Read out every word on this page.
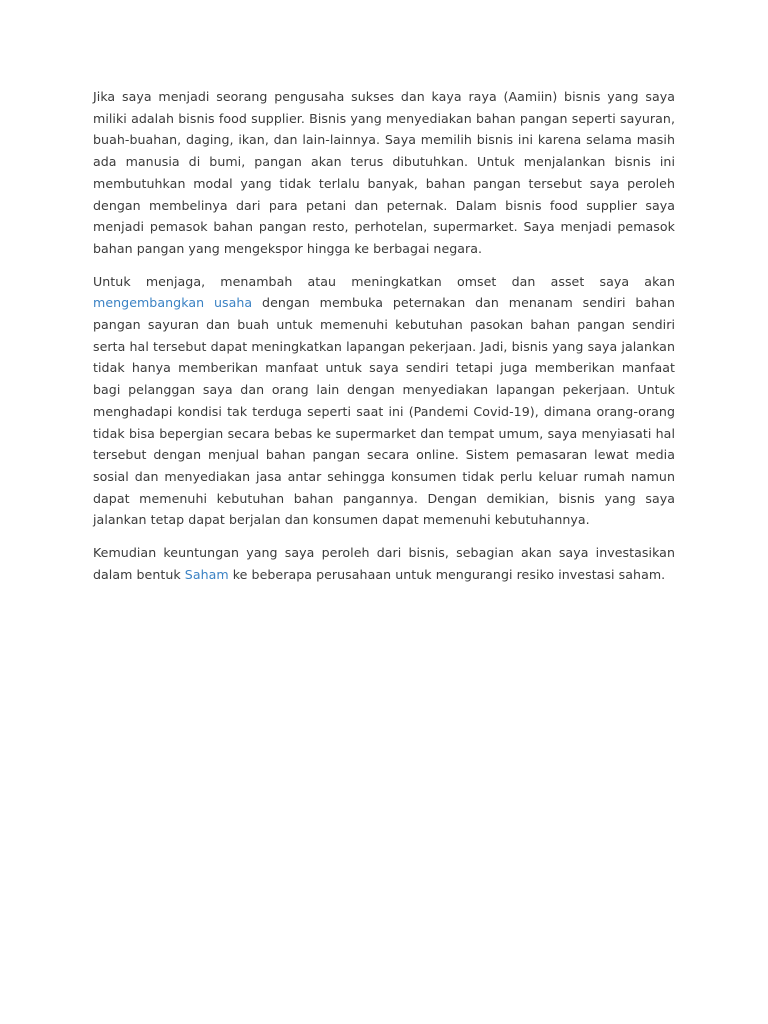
Jika saya menjadi seorang pengusaha sukses dan kaya raya (Aamiin) bisnis yang saya miliki adalah bisnis food supplier. Bisnis yang menyediakan bahan pangan seperti sayuran, buah-buahan, daging, ikan, dan lain-lainnya. Saya memilih bisnis ini karena selama masih ada manusia di bumi, pangan akan terus dibutuhkan. Untuk menjalankan bisnis ini membutuhkan modal yang tidak terlalu banyak, bahan pangan tersebut saya peroleh dengan membelinya dari para petani dan peternak. Dalam bisnis food supplier saya menjadi pemasok bahan pangan resto, perhotelan, supermarket. Saya menjadi pemasok bahan pangan yang mengekspor hingga ke berbagai negara.

Untuk menjaga, menambah atau meningkatkan omset dan asset saya akan mengembangkan usaha dengan membuka peternakan dan menanam sendiri bahan pangan sayuran dan buah untuk memenuhi kebutuhan pasokan bahan pangan sendiri serta hal tersebut dapat meningkatkan lapangan pekerjaan. Jadi, bisnis yang saya jalankan tidak hanya memberikan manfaat untuk saya sendiri tetapi juga memberikan manfaat bagi pelanggan saya dan orang lain dengan menyediakan lapangan pekerjaan. Untuk menghadapi kondisi tak terduga seperti saat ini (Pandemi Covid-19), dimana orang-orang tidak bisa bepergian secara bebas ke supermarket dan tempat umum, saya menyiasati hal tersebut dengan menjual bahan pangan secara online. Sistem pemasaran lewat media sosial dan menyediakan jasa antar sehingga konsumen tidak perlu keluar rumah namun dapat memenuhi kebutuhan bahan pangannya. Dengan demikian, bisnis yang saya jalankan tetap dapat berjalan dan konsumen dapat memenuhi kebutuhannya.

Kemudian keuntungan yang saya peroleh dari bisnis, sebagian akan saya investasikan dalam bentuk Saham ke beberapa perusahaan untuk mengurangi resiko investasi saham.
